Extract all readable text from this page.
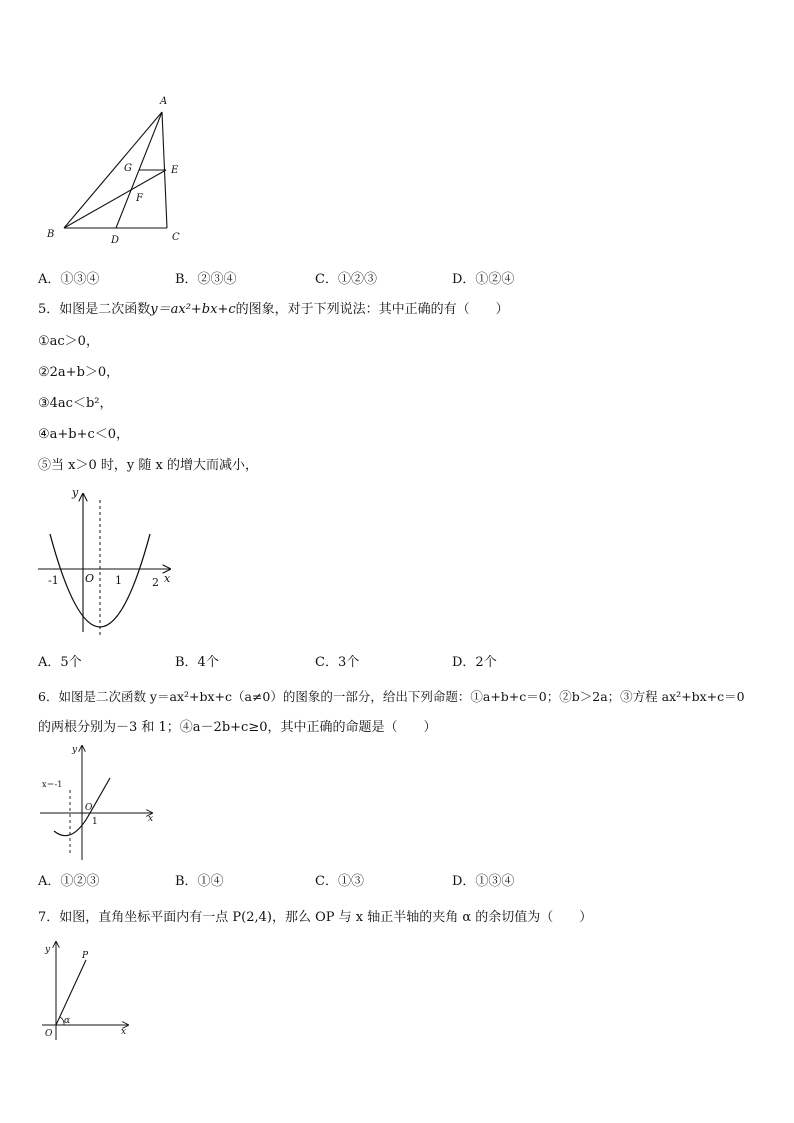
A
G	E
F
B
D	C
A．①③④	B．②③④	C．①②③	D．①②④
5．如图是二次函数y＝ax²+bx+c的图象，对于下列说法：其中正确的有（　　）
①ac＞0，
②2a+b＞0，
③4ac＜b²，
④a+b+c＜0，
⑤当 x＞0 时，y 随 x 的增大而减小，
y
x
O
-1	1	2
A．5个	B．4个	C．3个	D．2个
6．如图是二次函数 y＝ax²+bx+c（a≠0）的图象的一部分，给出下列命题：①a+b+c＝0；②b＞2a；③方程 ax²+bx+c＝0
的两根分别为－3 和 1；④a－2b+c≥0，其中正确的命题是（　　）
y
x
O
1
x＝-1
A．①②③	B．①④	C．①③	D．①③④
7．如图，直角坐标平面内有一点 P(2,4)，那么 OP 与 x 轴正半轴的夹角 α 的余切值为（　　）
y
P
α
x
O
